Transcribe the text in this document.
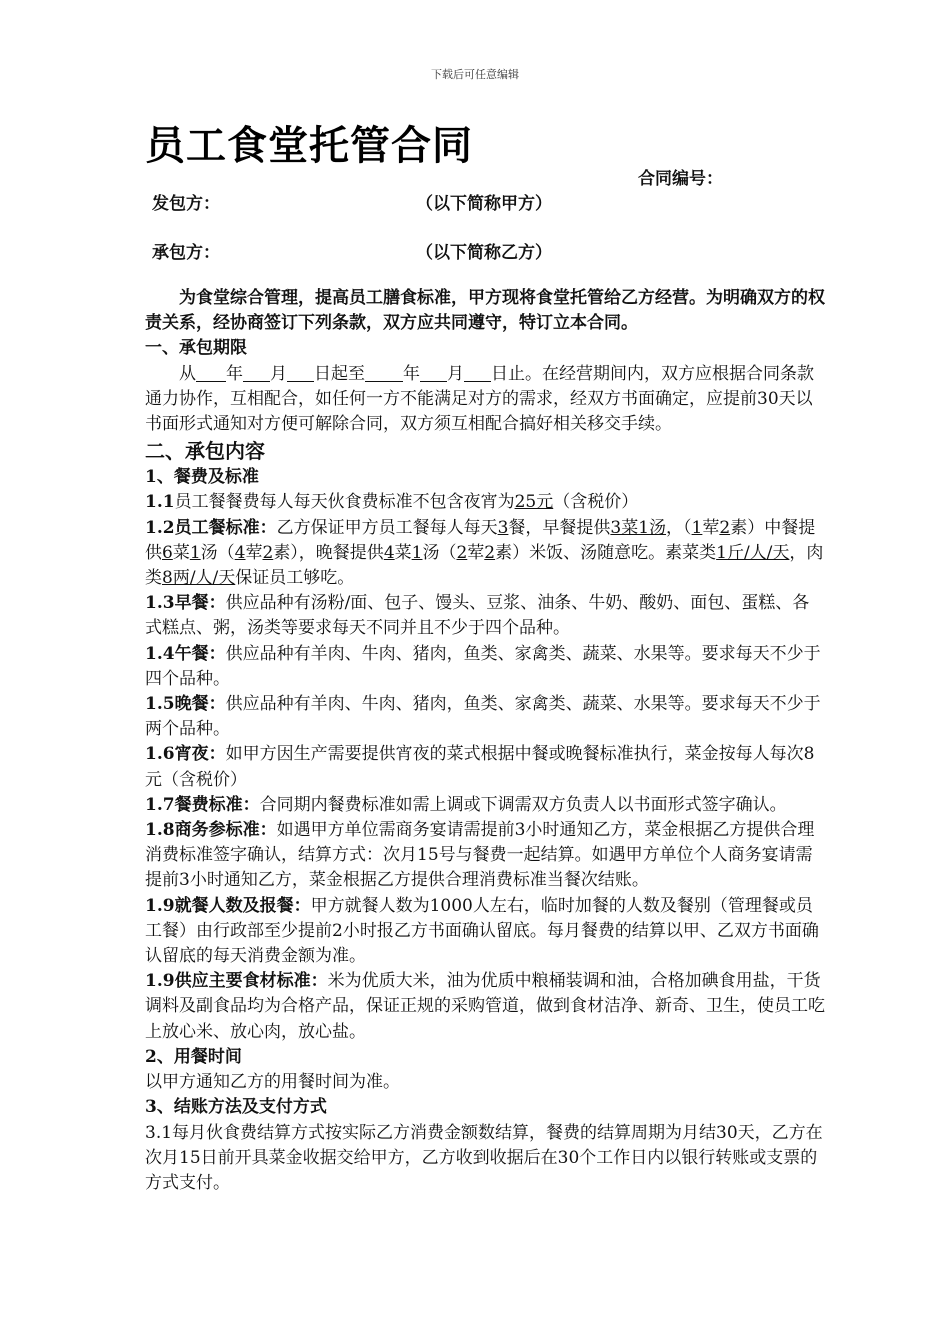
下载后可任意编辑
员工食堂托管合同
合同编号：
发包方：	（以下简称甲方）
承包方：	（以下简称乙方）

为食堂综合管理，提高员工膳食标准，甲方现将食堂托管给乙方经营。为明确双方的权责关系，经协商签订下列条款，双方应共同遵守，特订立本合同。

一、承包期限

从 年 月 日起至 年 月 日止。在经营期间内，双方应根据合同条款通力协作，互相配合，如任何一方不能满足对方的需求，经双方书面确定，应提前30天以书面形式通知对方便可解除合同，双方须互相配合搞好相关移交手续。

二、承包内容

1、餐费及标准

1.1员工餐餐费每人每天伙食费标准不包含夜宵为25元（含税价）

1.2员工餐标准：乙方保证甲方员工餐每人每天3餐，早餐提供3菜1汤，（1荤2素）中餐提供6菜1汤（4荤2素），晚餐提供4菜1汤（2荤2素）米饭、汤随意吃。素菜类1斤/人/天，肉类8两/人/天保证员工够吃。

1.3早餐：供应品种有汤粉/面、包子、馒头、豆浆、油条、牛奶、酸奶、面包、蛋糕、各式糕点、粥，汤类等要求每天不同并且不少于四个品种。

1.4午餐：供应品种有羊肉、牛肉、猪肉，鱼类、家禽类、蔬菜、水果等。要求每天不少于四个品种。

1.5晚餐：供应品种有羊肉、牛肉、猪肉，鱼类、家禽类、蔬菜、水果等。要求每天不少于两个品种。

1.6宵夜：如甲方因生产需要提供宵夜的菜式根据中餐或晚餐标准执行，菜金按每人每次8元（含税价）

1.7餐费标准：合同期内餐费标准如需上调或下调需双方负责人以书面形式签字确认。

1.8商务参标准：如遇甲方单位需商务宴请需提前3小时通知乙方，菜金根据乙方提供合理消费标准签字确认，结算方式：次月15号与餐费一起结算。如遇甲方单位个人商务宴请需提前3小时通知乙方，菜金根据乙方提供合理消费标准当餐次结账。

1.9就餐人数及报餐：甲方就餐人数为1000人左右，临时加餐的人数及餐别（管理餐或员工餐）由行政部至少提前2小时报乙方书面确认留底。每月餐费的结算以甲、乙双方书面确认留底的每天消费金额为准。

1.9供应主要食材标准：米为优质大米，油为优质中粮桶装调和油，合格加碘食用盐，干货调料及副食品均为合格产品，保证正规的采购管道，做到食材洁净、新奇、卫生，使员工吃上放心米、放心肉，放心盐。

2、用餐时间

以甲方通知乙方的用餐时间为准。

3、结账方法及支付方式

3.1每月伙食费结算方式按实际乙方消费金额数结算，餐费的结算周期为月结30天，乙方在次月15日前开具菜金收据交给甲方，乙方收到收据后在30个工作日内以银行转账或支票的方式支付。
